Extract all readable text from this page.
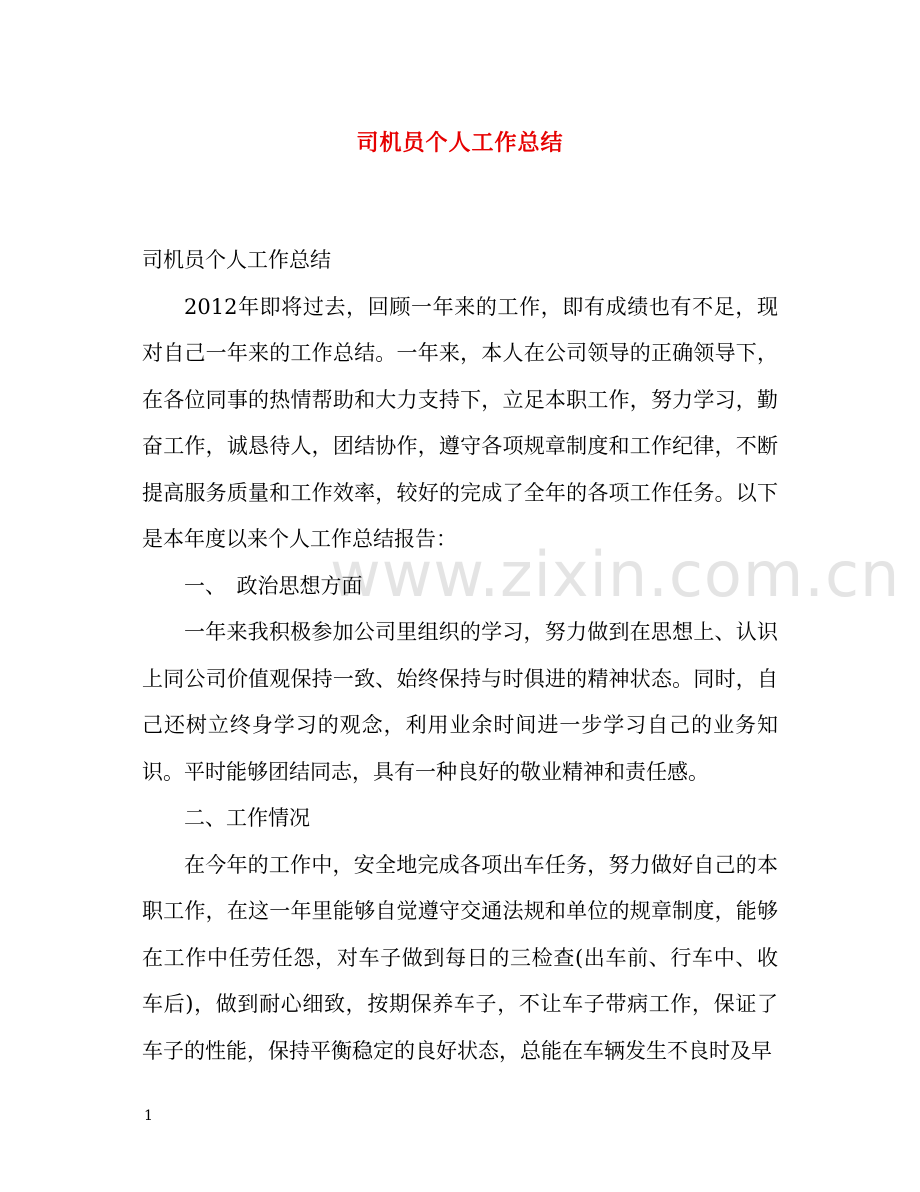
www.zixin.com.cn
司机员个人工作总结

司机员个人工作总结

2012年即将过去，回顾一年来的工作，即有成绩也有不足，现对自己一年来的工作总结。一年来，本人在公司领导的正确领导下，在各位同事的热情帮助和大力支持下，立足本职工作，努力学习，勤奋工作，诚恳待人，团结协作，遵守各项规章制度和工作纪律，不断提高服务质量和工作效率，较好的完成了全年的各项工作任务。以下是本年度以来个人工作总结报告：

一、　政治思想方面

一年来我积极参加公司里组织的学习，努力做到在思想上、认识上同公司价值观保持一致、始终保持与时俱进的精神状态。同时，自己还树立终身学习的观念，利用业余时间进一步学习自己的业务知识。平时能够团结同志，具有一种良好的敬业精神和责任感。

二、工作情况

在今年的工作中，安全地完成各项出车任务，努力做好自己的本职工作，在这一年里能够自觉遵守交通法规和单位的规章制度，能够在工作中任劳任怨，对车子做到每日的三检查(出车前、行车中、收车后)，做到耐心细致，按期保养车子，不让车子带病工作，保证了车子的性能，保持平衡稳定的良好状态，总能在车辆发生不良时及早

1
